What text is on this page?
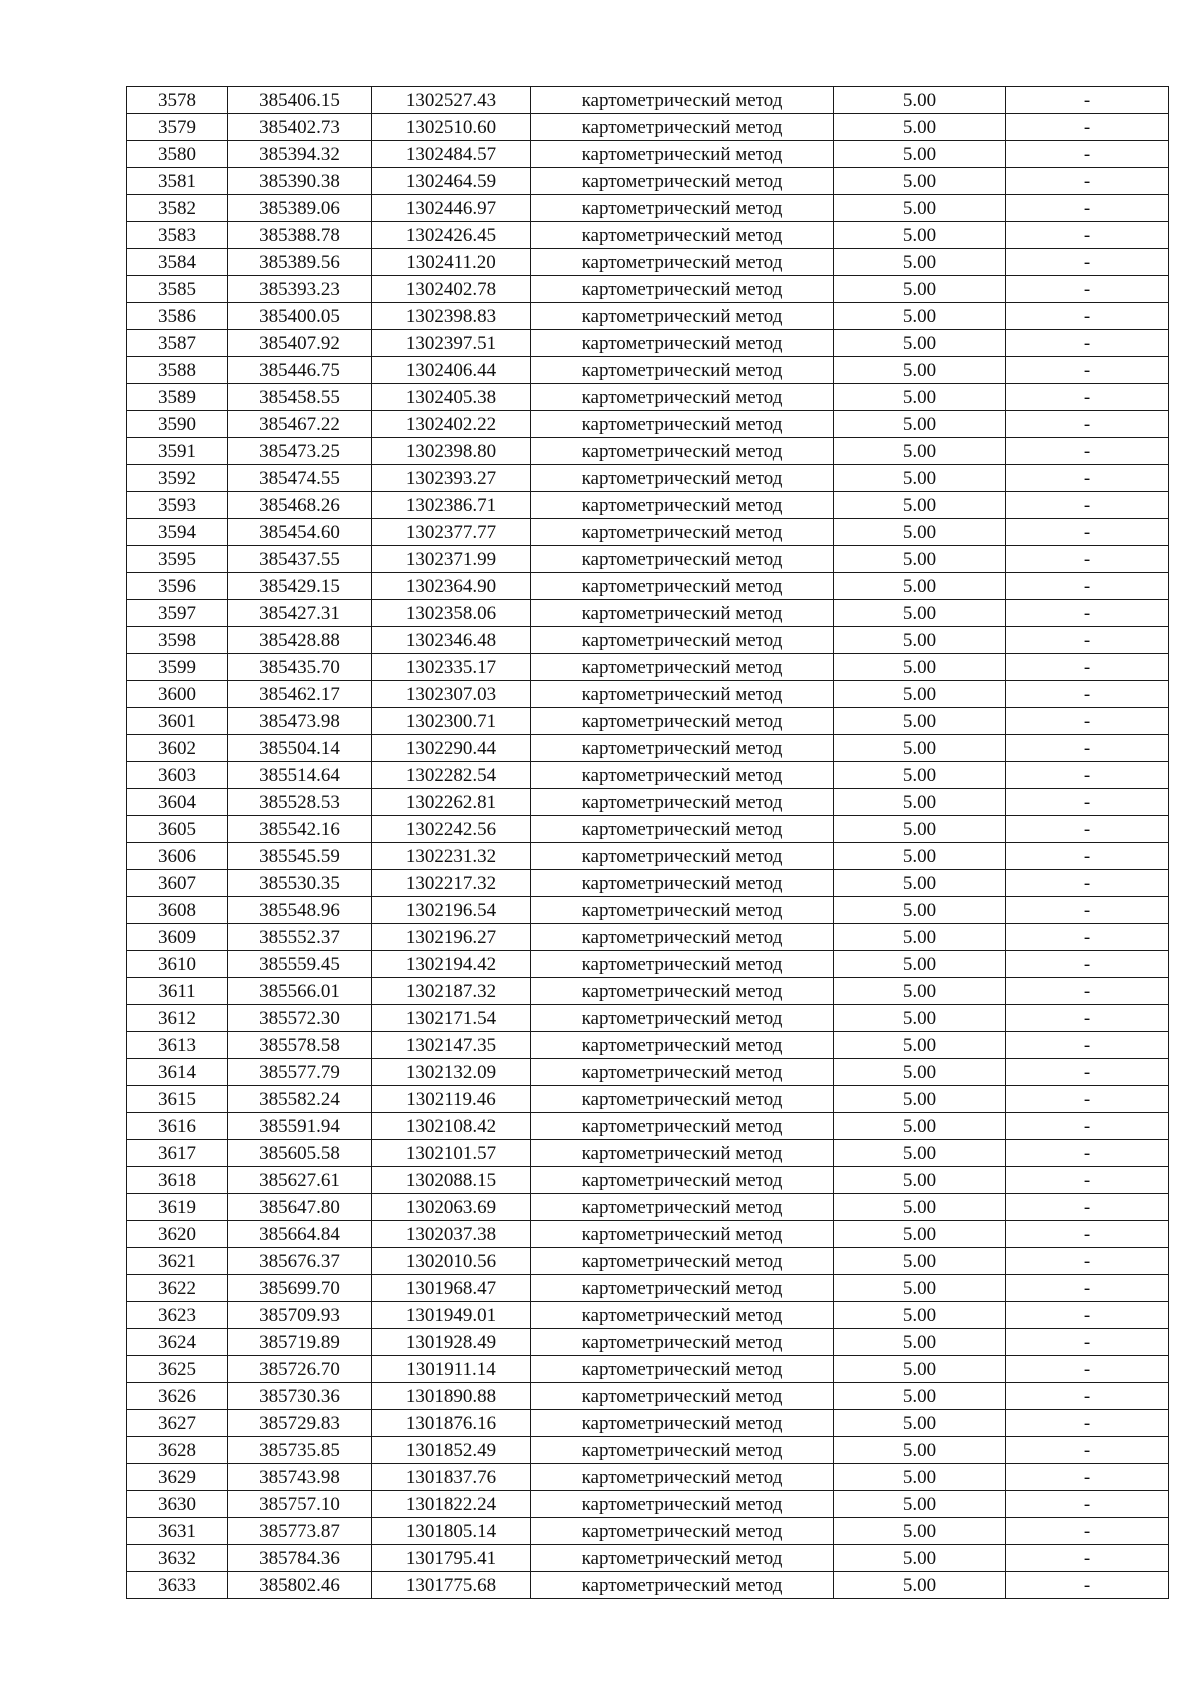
3578	385406.15	1302527.43	картометрический метод	5.00	-
3579	385402.73	1302510.60	картометрический метод	5.00	-
3580	385394.32	1302484.57	картометрический метод	5.00	-
3581	385390.38	1302464.59	картометрический метод	5.00	-
3582	385389.06	1302446.97	картометрический метод	5.00	-
3583	385388.78	1302426.45	картометрический метод	5.00	-
3584	385389.56	1302411.20	картометрический метод	5.00	-
3585	385393.23	1302402.78	картометрический метод	5.00	-
3586	385400.05	1302398.83	картометрический метод	5.00	-
3587	385407.92	1302397.51	картометрический метод	5.00	-
3588	385446.75	1302406.44	картометрический метод	5.00	-
3589	385458.55	1302405.38	картометрический метод	5.00	-
3590	385467.22	1302402.22	картометрический метод	5.00	-
3591	385473.25	1302398.80	картометрический метод	5.00	-
3592	385474.55	1302393.27	картометрический метод	5.00	-
3593	385468.26	1302386.71	картометрический метод	5.00	-
3594	385454.60	1302377.77	картометрический метод	5.00	-
3595	385437.55	1302371.99	картометрический метод	5.00	-
3596	385429.15	1302364.90	картометрический метод	5.00	-
3597	385427.31	1302358.06	картометрический метод	5.00	-
3598	385428.88	1302346.48	картометрический метод	5.00	-
3599	385435.70	1302335.17	картометрический метод	5.00	-
3600	385462.17	1302307.03	картометрический метод	5.00	-
3601	385473.98	1302300.71	картометрический метод	5.00	-
3602	385504.14	1302290.44	картометрический метод	5.00	-
3603	385514.64	1302282.54	картометрический метод	5.00	-
3604	385528.53	1302262.81	картометрический метод	5.00	-
3605	385542.16	1302242.56	картометрический метод	5.00	-
3606	385545.59	1302231.32	картометрический метод	5.00	-
3607	385530.35	1302217.32	картометрический метод	5.00	-
3608	385548.96	1302196.54	картометрический метод	5.00	-
3609	385552.37	1302196.27	картометрический метод	5.00	-
3610	385559.45	1302194.42	картометрический метод	5.00	-
3611	385566.01	1302187.32	картометрический метод	5.00	-
3612	385572.30	1302171.54	картометрический метод	5.00	-
3613	385578.58	1302147.35	картометрический метод	5.00	-
3614	385577.79	1302132.09	картометрический метод	5.00	-
3615	385582.24	1302119.46	картометрический метод	5.00	-
3616	385591.94	1302108.42	картометрический метод	5.00	-
3617	385605.58	1302101.57	картометрический метод	5.00	-
3618	385627.61	1302088.15	картометрический метод	5.00	-
3619	385647.80	1302063.69	картометрический метод	5.00	-
3620	385664.84	1302037.38	картометрический метод	5.00	-
3621	385676.37	1302010.56	картометрический метод	5.00	-
3622	385699.70	1301968.47	картометрический метод	5.00	-
3623	385709.93	1301949.01	картометрический метод	5.00	-
3624	385719.89	1301928.49	картометрический метод	5.00	-
3625	385726.70	1301911.14	картометрический метод	5.00	-
3626	385730.36	1301890.88	картометрический метод	5.00	-
3627	385729.83	1301876.16	картометрический метод	5.00	-
3628	385735.85	1301852.49	картометрический метод	5.00	-
3629	385743.98	1301837.76	картометрический метод	5.00	-
3630	385757.10	1301822.24	картометрический метод	5.00	-
3631	385773.87	1301805.14	картометрический метод	5.00	-
3632	385784.36	1301795.41	картометрический метод	5.00	-
3633	385802.46	1301775.68	картометрический метод	5.00	-
